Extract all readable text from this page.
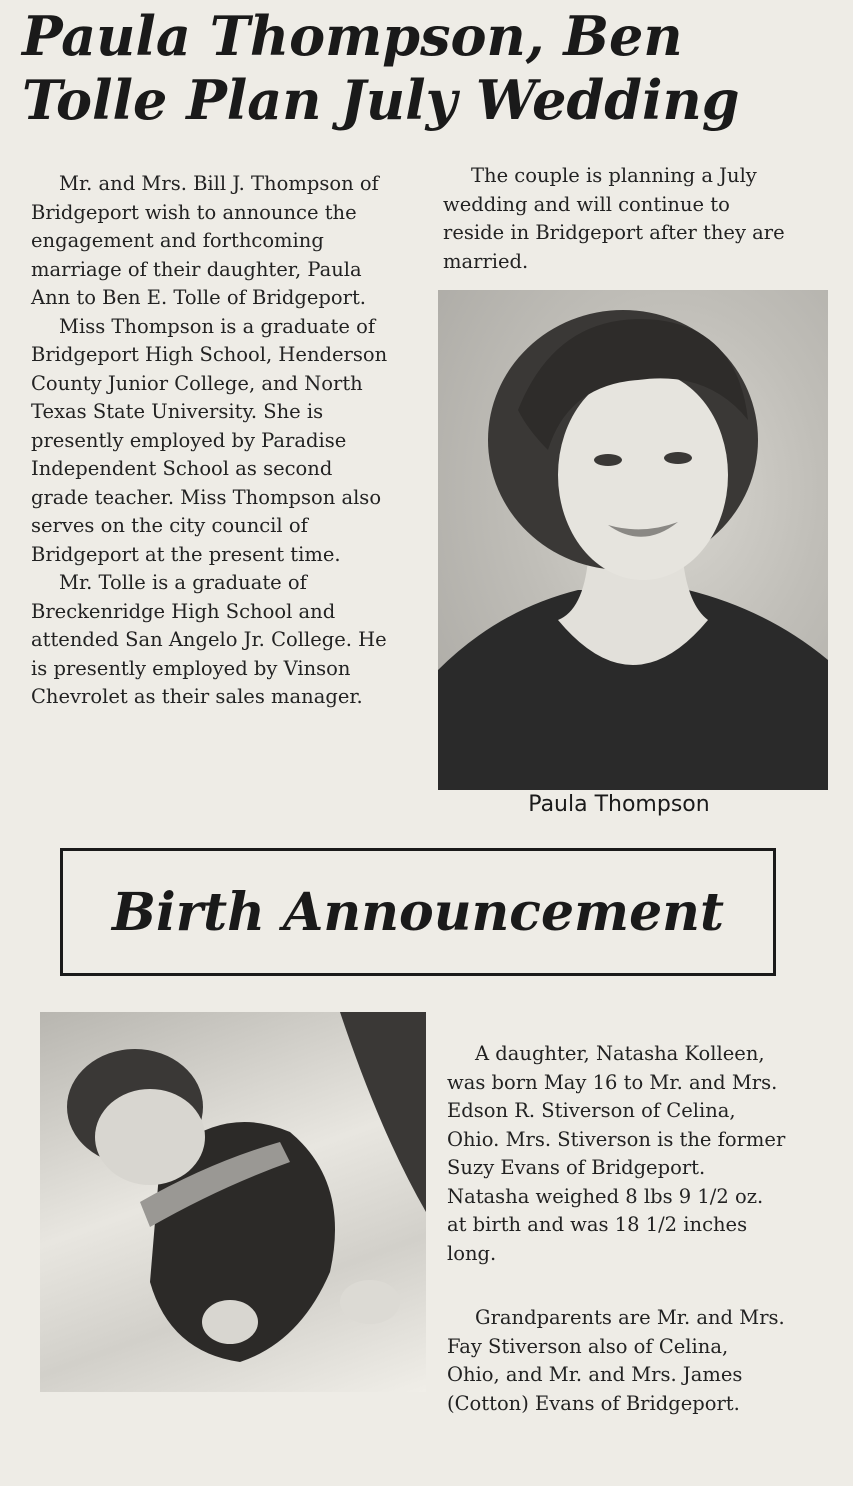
Paula Thompson, Ben
Tolle Plan July Wedding

Mr. and Mrs. Bill J. Thompson of Bridgeport wish to announce the engagement and forthcoming marriage of their daughter, Paula Ann to Ben E. Tolle of Bridgeport.

Miss Thompson is a graduate of Bridgeport High School, Henderson County Junior College, and North Texas State University. She is presently employed by Paradise Independent School as second grade teacher. Miss Thompson also serves on the city council of Bridgeport at the present time.

Mr. Tolle is a graduate of Breckenridge High School and attended San Angelo Jr. College. He is presently employed by Vinson Chevrolet as their sales manager.

The couple is planning a July wedding and will continue to reside in Bridgeport after they are married.

Paula Thompson
Birth Announcement

A daughter, Natasha Kolleen, was born May 16 to Mr. and Mrs. Edson R. Stiverson of Celina, Ohio. Mrs. Stiverson is the former Suzy Evans of Bridgeport. Natasha weighed 8 lbs 9 1/2 oz. at birth and was 18 1/2 inches long.

Grandparents are Mr. and Mrs. Fay Stiverson also of Celina, Ohio, and Mr. and Mrs. James (Cotton) Evans of Bridgeport.
